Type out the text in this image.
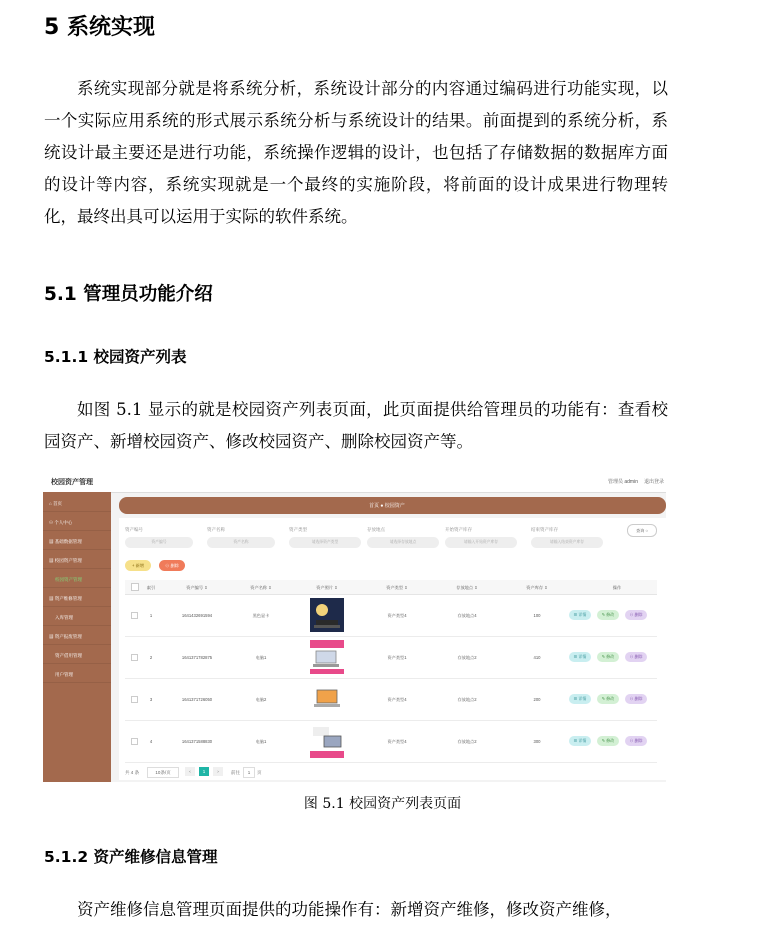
5 系统实现
系统实现部分就是将系统分析，系统设计部分的内容通过编码进行功能实现，以一个实际应用系统的形式展示系统分析与系统设计的结果。前面提到的系统分析，系统设计最主要还是进行功能，系统操作逻辑的设计，也包括了存储数据的数据库方面的设计等内容，系统实现就是一个最终的实施阶段，将前面的设计成果进行物理转化，最终出具可以运用于实际的软件系统。
5.1 管理员功能介绍
5.1.1 校园资产列表
如图 5.1 显示的就是校园资产列表页面，此页面提供给管理员的功能有：查看校园资产、新增校园资产、修改校园资产、删除校园资产等。
校园资产管理	管理员 admin 退出登录
⌂ 首页
⚇ 个人中心
▦ 基础数据管理
▦ 校园资产管理
校园资产管理
▦ 资产维修管理
入库管理
▦ 资产报废管理
资产借用管理
用户管理
首页 ● 校园资产
资产编号
资产编号
资产名称
资产名称
资产类型
请选择资产类型
存放地点
请选择存放地点
开始资产库存
请输入开始资产库存
结束资产库存
请输入结束资产库存
查询 ○
+ 新增	⊖ 删除
索引	资产编号 ⇕	资产名称 ⇕	资产照片 ⇕	资产类型 ⇕	存放地点 ⇕	资产库存 ⇕	操作
1	1641432691594	黑色显卡	资产类型4	存放地点4	100	☰ 详情	✎ 修改	⊖ 删除
2	1641371782875	电脑1	资产类型1	存放地点2	410	☰ 详情	✎ 修改	⊖ 删除
3	1641371726050	电脑2	资产类型4	存放地点2	200	☰ 详情	✎ 修改	⊖ 删除
4	1641371588830	电脑1	资产类型4	存放地点2	300	☰ 详情	✎ 修改	⊖ 删除
共 4 条	10条/页	‹	1	›	前往	1	页
图 5.1 校园资产列表页面
5.1.2 资产维修信息管理
资产维修信息管理页面提供的功能操作有：新增资产维修，修改资产维修，
